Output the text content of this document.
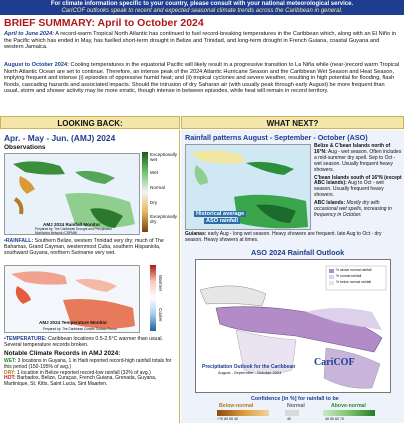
For climate information specific to your country, please consult with your national meteorological service.
CariCOF outlooks speak to recent and expected seasonal climate trends across the Caribbean in general.
BRIEF SUMMARY: April to October 2024
April to June 2024: A record-warm Tropical North Atlantic has continued to fuel record-breaking temperatures in the Caribbean which, along with an El Niño in the Pacific which has ended in May, has fuelled short-term drought in Belize and Trinidad, and long-term drought in French Guiana, coastal Guyana and western Jamaica.
August to October 2024: Cooling temperatures in the equatorial Pacific will likely result in a progressive transition to La Niña while (near-)record warm Tropical North Atlantic Ocean are set to continue. Therefore, an intense peak of the 2024 Atlantic Hurricane Season and the Caribbean Wet Season and Heat Season, implying frequent and intense (i) episodes of oppressive humid heat; and (ii) tropical cyclones and severe weather, resulting in high potential for flooding, flash floods, cascading hazards and associated impacts. Should the intrusion of dry Saharan air (with usually peak through early August) be more frequent than usual, storm and shower activity may be more erratic, though intense in between episodes, while heat will remain in record territory.
LOOKING BACK:	WHAT NEXT?
Apr. - May - Jun. (AMJ) 2024
Observations
AMJ 2024 Rainfall Monitor
Prepared by: The Caribbean Drought and Precipitation Monitoring Network (CDPMN)
Exceptionally wet
Wet
Normal
Dry
Exceptionally dry
•RAINFALL: Southern Belize, western Trinidad very dry; much of The Bahamas, Grand Cayman, westernmost Cuba, southern Hispaniola, southward Guyana, northern Suriname very wet.
AMJ 2024 Temperature Monitor
Prepared by: The Caribbean Climate Outlook Forum
Warmer
Cooler
•TEMPERATURE: Caribbean locations 0.5-2.5°C warmer than usual. Several temperature records broken.
Notable Climate Records in AMJ 2024:
WET: 3 locations in Guyana, 1 in Haiti reported record-high rainfall totals for this period (150-195% of avg.)
DRY: 1 location in Belize reported record-low rainfall (32% of avg.)
HOT: Barbados, Belize, Curaçao, French Guiana, Grenada, Guyana, Martinique, St. Kitts, Saint Lucia, Sint Maarten.
Rainfall patterns August - September - October (ASO)
Historical average
ASO rainfall
Belize & C'bean Islands north of 16°N: Aug - wet season. Often includes a mid-summer dry spell. Sep to Oct - wet season. Usually frequent heavy showers.
C'bean Islands south of 16°N (except ABC Islands): Aug to Oct - wet season. Usually frequent heavy showers.
ABC Islands: Mostly dry with occasional wet spells, increasing in frequency in October.
Guianas: early Aug - long wet season. Heavy showers are frequent. late Aug to Oct - dry season. Heavy showers at times.
ASO 2024 Rainfall Outlook
% above normal rainfall
% normal rainfall
% below normal rainfall
Precipitation Outlook for the Caribbean
August - September - October 2024
CariCOF
Confidence [in %] for rainfall to be
Below-normal	Normal	Above-normal
+70 60 50 40	40	40 50 60 70
